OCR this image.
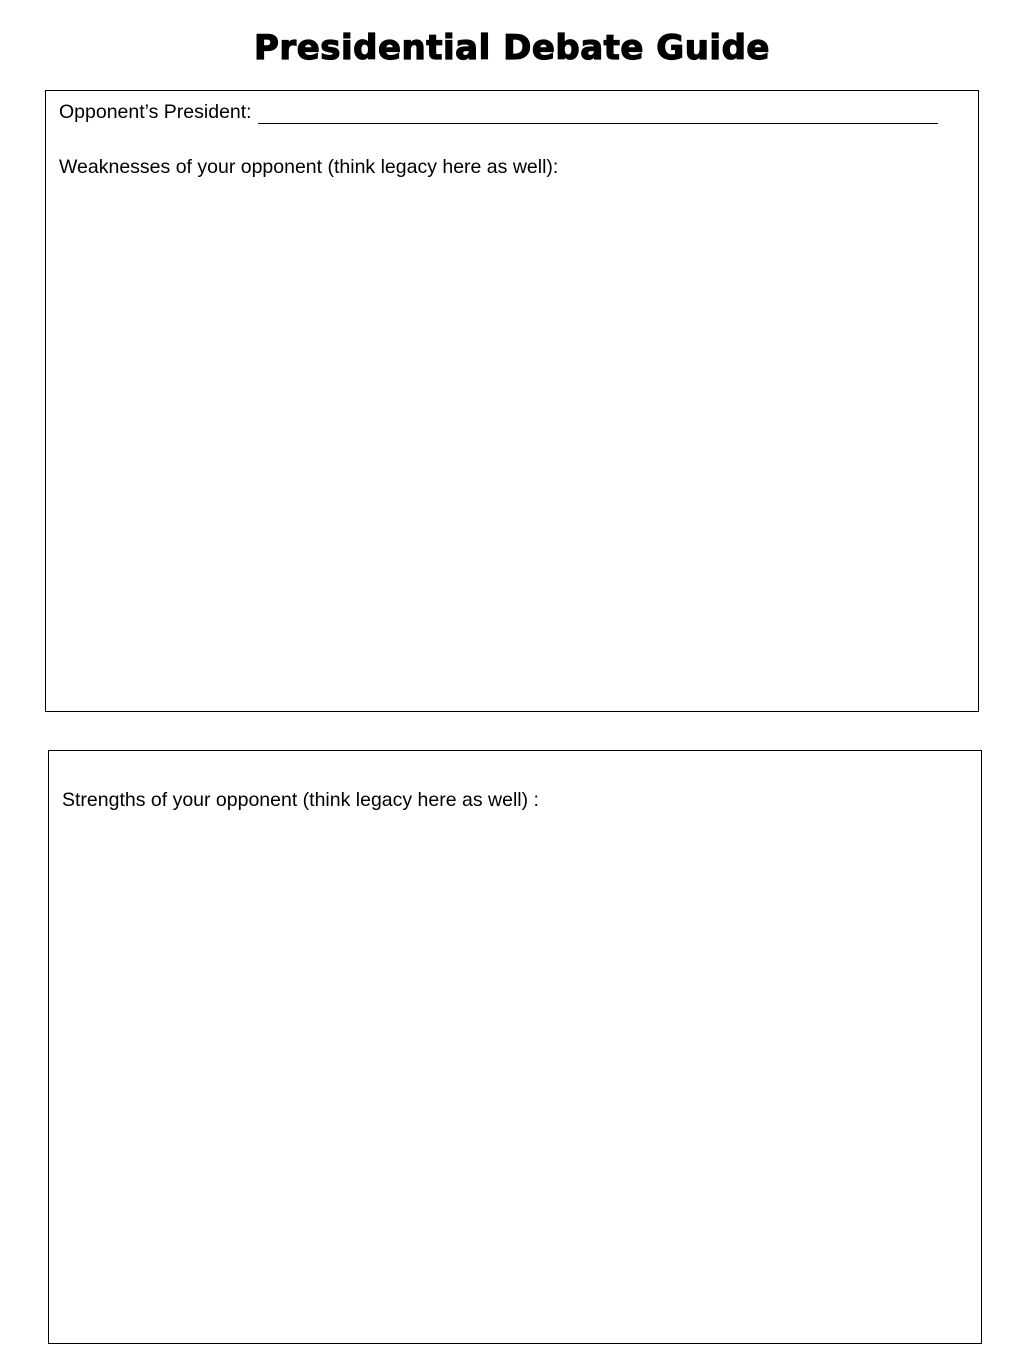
Presidential Debate Guide
Opponent’s President:
Weaknesses of your opponent (think legacy here as well):
Strengths of your opponent (think legacy here as well) :
